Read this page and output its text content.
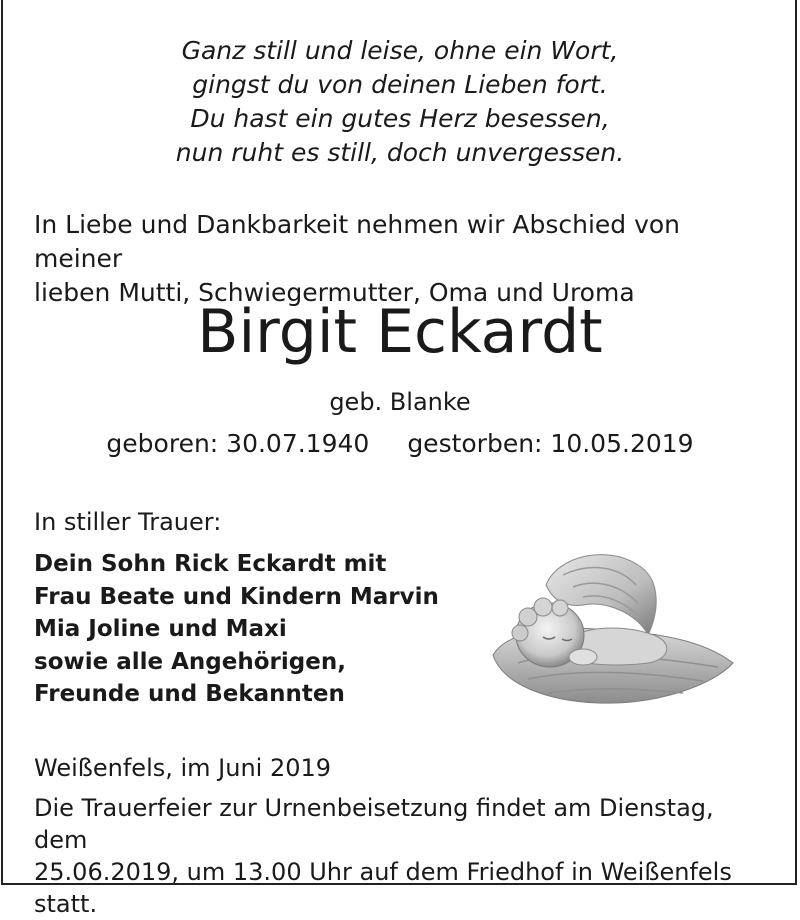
Ganz still und leise, ohne ein Wort,
gingst du von deinen Lieben fort.
Du hast ein gutes Herz besessen,
nun ruht es still, doch unvergessen.
In Liebe und Dankbarkeit nehmen wir Abschied von meiner
lieben Mutti, Schwiegermutter, Oma und Uroma
Birgit Eckardt
geb. Blanke
geboren: 30.07.1940 gestorben: 10.05.2019
In stiller Trauer:
Dein Sohn Rick Eckardt mit
Frau Beate und Kindern Marvin
Mia Joline und Maxi
sowie alle Angehörigen,
Freunde und Bekannten
Weißenfels, im Juni 2019
Die Trauerfeier zur Urnenbeisetzung findet am Dienstag, dem
25.06.2019, um 13.00 Uhr auf dem Friedhof in Weißenfels statt.
